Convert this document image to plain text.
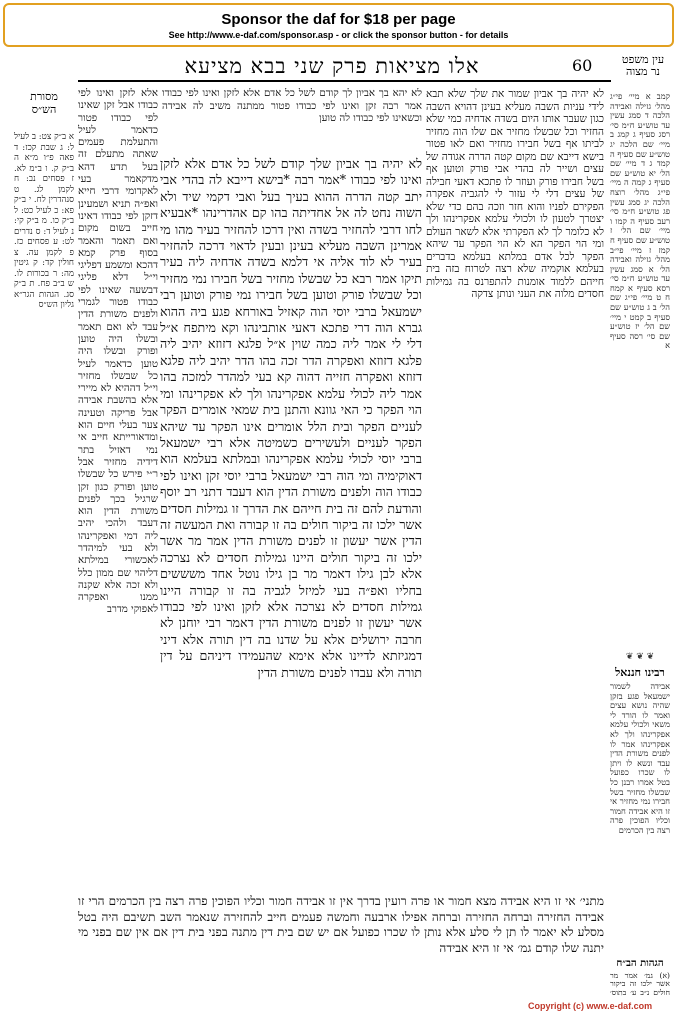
Sponsor the daf for $18 per page
See http://www.e-daf.com/sponsor.asp - or click the sponsor button - for details
60
אלו מציאות פרק שני בבא מציעא	עין משפט נר מצוה
מסורת הש״ס
לא יהא בך אביון לך קודם לשל כל אדם אלא לזקן ואינו לפי כבודו אמר רבה זקן ואינו לפי כבודו פטור ממתנה משיב לה אבידה וכשאינו לפי כבודו לה טוען
לא יהיה בך אביון שלך קודם לשל כל אדם אלא לזקן ואינו לפי כבודו *אמר רבה *בישא דייבא לה בהדי אבי יתב קטה הדרה ההוא בעיך בעל ואבי דקמי שיד ולא השוה נחט לה אל אחדיתה בהו קם אהדרינהו *אבעיא לחו דרבי להחזיר בשדה ואין דרכו להחזיר בעיר מהו מי אמרינן השבה מעליא בעינן ובעין לדאוי דרכה להחזיר בעיר לא לוד אליה אי דלמא בשדה אדחיה ליה בעיר תיקו אמר רבא כל שבשלו מחזיר בשל חבירו נמי מחזיר וכל שבשלו פורק וטוען בשל חבירו נמי פורק וטוען רבי ישמעאל ברבי יוסי הוה קאזיל באורחא פגע ביה ההוא גברא הוה דרי פתכא דאעי אותבינהו וקא מיתפח א״ל דלי לי אמר ליה כמה שוין א״ל פלגא דזוזא יהיב ליה פלגא דזוזא ואפקרה הדר זכה בהו הדר יהיב ליה פלגא דזוזא ואפקרה חזייה דהוה קא בעי למהדר למזכה בהו אמר ליה לכולי עלמא אפקרינהו ולך לא אפקרינהו ומי הוי הפקר כי האי גוונא והתנן בית שמאי אומרים הפקר לעניים הפקר ובית הלל אומרים אינו הפקר עד שיהא הפקר לעניים ולעשירים כשמיטה אלא רבי ישמעאל ברבי יוסי לכולי עלמא אפקרינהו ובמלתא בעלמא הוא דאוקימיה ומי הוה רבי ישמעאל ברבי יוסי זקן ואינו לפי כבודו הוה ולפנים משורת הדין הוא דעבד דתני רב יוסף והודעת להם זה בית חייהם את הדרך זו גמילות חסדים אשר ילכו זה ביקור חולים בה זו קבורה ואת המעשה זה הדין אשר יעשון זו לפנים משורת הדין אמר מר אשר ילכו זה ביקור חולים היינו גמילות חסדים לא נצרכה אלא לבן גילו דאמר מר בן גילו נוטל אחד משששים בחליו ואפ״ה בעי למיזל לגביה בה זו קבורה היינו גמילות חסדים לא נצרכה אלא לזקן ואינו לפי כבודו אשר יעשון זו לפנים משורת הדין דאמר רבי יוחנן לא חרבה ירושלים אלא על שדנו בה דין תורה אלא דיני דמגיזתא לדיינו אלא אימא שהעמידו דיניהם על דין תורה ולא עבדו לפנים משורת הדין
לא יהיה בך אביון שמור את שלך שלא תבא לידי עניות השבה מעליא בעינן דהויא השבה כגון שעבר אותו היום בשדה אדחיה כמי שלא החזיר וכל שבשלו מחזיר אם שלו הוה מחזיר לביתו אף בשל חבירו מחזיר ואם לאו פטור בישא דייבא שם מקום קטה הדרה אגודה של עצים ושייר לה בהדי אבי פורק וטוען אף בשל חבירו פורק ועוזר לו פתכא דאעי חבילה של עצים דלי לי עזור לי להגביה אפקרה הפקירם לפניו והוא חזר וזכה בהם כדי שלא יצטרך לטעון לו ולכולי עלמא אפקרינהו ולך לא כלומר לך לא הפקרתי אלא לשאר העולם ומי הוי הפקר הא לא הוי הפקר עד שיהא הפקר לכל אדם במלתא בעלמא בדברים בעלמא אוקמיה שלא רצה לטרוח בזה בית חייהם ללמוד אומנות להתפרנס בה גמילות חסדים מלוה את העני ונותן צדקה
אלא לזקן ואינו לפי כבודו אבל זקן שאינו לפי כבודו פטור כדאמר לעיל והתעלמת פעמים שאתה מתעלם זה בעל תדע דהא מדקאמר בעי לאקדומי דרבי חייא ואפ״ה תניא ושמעינן דזקן לפי כבודו דאינו חייב בשום מקום ואם תאמר והאמר בסוף פרק קמא דהכא ומשמע דפליגי וי״ל דלא פליגי דבשעה שאינו לפי כבודו פטור לגמרי ולפנים משורת הדין עבד לא ואם תאמר ובשלו היה טוען ופורק ובשלו היה טוען כדאמר לעיל כל שבשלו מחזיר וי״ל דההיא לא מיירי אלא בהשבת אבידה אבל פריקה וטעינה צער בעלי חיים הוא ומדאורייתא חייב אי נמי דאזיל בתר דידיה מחזיר אבל ר״י פירש כל שבשלו טוען ופורק כגון זקן שרגיל בכך לפנים משורת הדין הוא דעבד ולהכי יהיב ליה דמי ואפקרינהו ולא בעי למיהדר לאכשורי במילתא דליהוי שם ממון כלל ולא זכה אלא שקנה ממנו ואפקרה לאפוקי מדרב
א ב״ק צט: ב לעיל ל: ג שבת קכז: ד פאה פ״ו מ״א ה ב״ק ק. ו ב״מ לא. ז פסחים נב: ח לקמן לג. ט סנהדרין לח. י ב״ק פא: כ לעיל כט: ל ב״ק כו. מ ב״ק קי: נ לעיל ד: ס נדרים לט: ע פסחים כז. פ לקמן עה. צ חולין קד: ק גיטין מה: ר בכורות לו. ש ב״ב פח. ת ב״ק סג. הגהות הגר״א גליון הש״ס
קמב א מיי׳ פי״ג מהל׳ גזילה ואבידה הלכה ד סמג עשין עד טוש״ע ח״מ סי׳ רסג סעיף ג קמג ב מיי׳ שם הלכה יג טוש״ע שם סעיף ה קמד ג ד מיי׳ שם הל׳ יא טוש״ע שם סעיף ג קמה ה מיי׳ פי״ג מהל׳ רוצח הלכה יג סמג עשין פג טוש״ע ח״מ סי׳ רעב סעיף ה קמו ו מיי׳ שם הל׳ ז טוש״ע שם סעיף ח קמז ז מיי׳ פי״ב מהל׳ גזילה ואבידה הל׳ א סמג עשין עד טוש״ע ח״מ סי׳ רסא סעיף א קמח ח ט מיי׳ פי״ג שם הל׳ ב ג טוש״ע שם סעיף ב קמט י מיי׳ שם הל׳ יז טוש״ע שם סי׳ רסה סעיף א
❦ ❦ ❦
רבינו חננאל
אבידה לשמור ישמעאל פגע בזקן שהיה נושא עצים ואמר לו הורד לי משאי ולכולי עלמא אפקרינהו ולך לא אפקרינהו אמר לו לפנים משורת הדין עבד ונשא לו ויתן לו שכרו כפועל בטל אמרו רבנן כל שבשלו מחזיר בשל חבירו נמי מחזיר אי זו היא אבידה חמור וכליו הפוכין פרה רצה בין הכרמים
הגהות הב״ח
(א) גמ׳ אמר מר אשר ילכו זה ביקור חולים נ״ב ע׳ בתוס׳
מתני׳ אי זו היא אבידה מצא חמור או פרה רועין בדרך אין זו אבידה חמור וכליו הפוכין פרה רצה בין הכרמים הרי זו אבידה החזירה וברחה החזירה וברחה אפילו ארבעה וחמשה פעמים חייב להחזירה שנאמר השב תשיבם היה בטל מסלע לא יאמר לו תן לי סלע אלא נותן לו שכרו כפועל אם יש שם בית דין מתנה בפני בית דין אם אין שם בפני מי יתנה שלו קודם גמ׳ אי זו היא אבידה
Copyright (c) www.e-daf.com
